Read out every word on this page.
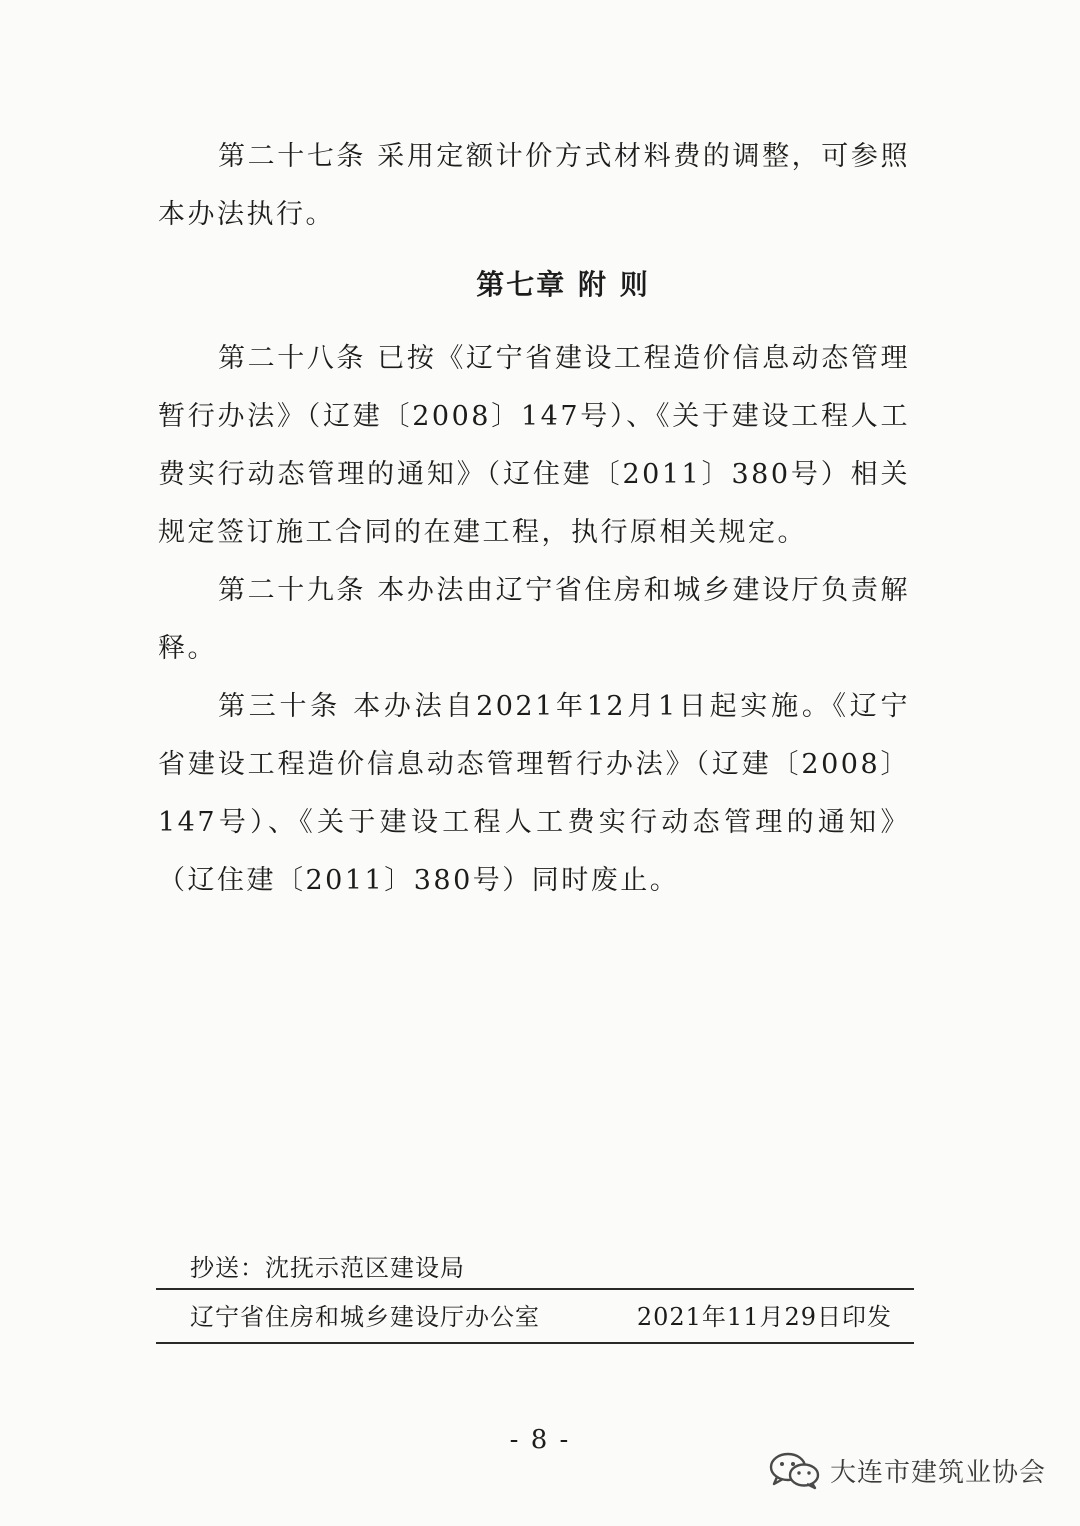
第二十七条 采用定额计价方式材料费的调整，可参照本办法执行。

第七章 附 则

第二十八条 已按《辽宁省建设工程造价信息动态管理暂行办法》（辽建〔2008〕147号）、《关于建设工程人工费实行动态管理的通知》（辽住建〔2011〕380号）相关规定签订施工合同的在建工程，执行原相关规定。

第二十九条 本办法由辽宁省住房和城乡建设厅负责解释。

第三十条 本办法自2021年12月1日起实施。《辽宁省建设工程造价信息动态管理暂行办法》（辽建〔2008〕147号）、《关于建设工程人工费实行动态管理的通知》（辽住建〔2011〕380号）同时废止。

抄送：沈抚示范区建设局
辽宁省住房和城乡建设厅办公室	2021年11月29日印发
- 8 -
大连市建筑业协会
